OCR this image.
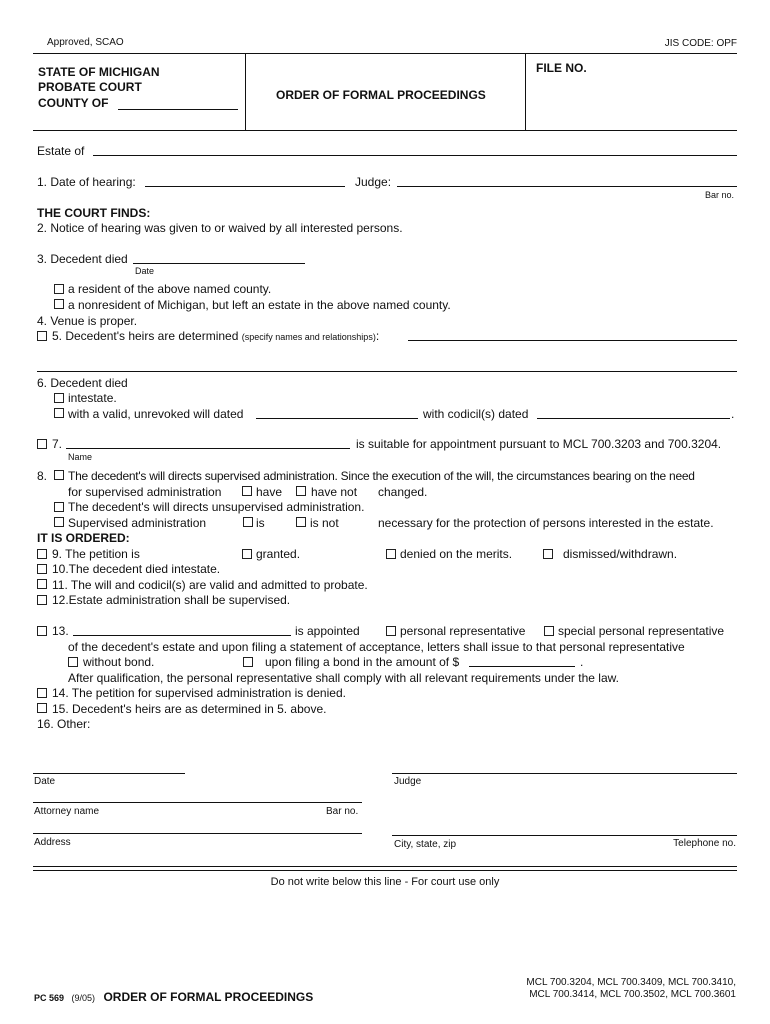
Approved, SCAO	JIS CODE: OPF
STATE OF MICHIGAN
PROBATE COURT
COUNTY OF
ORDER OF FORMAL PROCEEDINGS
FILE NO.
Estate of
1. Date of hearing:	Judge:
Bar no.
THE COURT FINDS:
2. Notice of hearing was given to or waived by all interested persons.
3. Decedent died
Date
a resident of the above named county.
a nonresident of Michigan, but left an estate in the above named county.
4. Venue is proper.
5. Decedent's heirs are determined (specify names and relationships):
6. Decedent died
intestate.
with a valid, unrevoked will dated	with codicil(s) dated	.
7.
Name
is suitable for appointment pursuant to MCL 700.3203 and 700.3204.
8. The decedent's will directs supervised administration. Since the execution of the will, the circumstances bearing on the need
for supervised administration	have have not changed.
The decedent's will directs unsupervised administration.
Supervised administration	is	is not	necessary for the protection of persons interested in the estate.
IT IS ORDERED:
9. The petition is	granted.	denied on the merits.	dismissed/withdrawn.
10.The decedent died intestate.
11. The will and codicil(s) are valid and admitted to probate.
12.Estate administration shall be supervised.
13.	is appointed	personal representative	special personal representative
of the decedent's estate and upon filing a statement of acceptance, letters shall issue to that personal representative
without bond.	upon filing a bond in the amount of $	.
After qualification, the personal representative shall comply with all relevant requirements under the law.
14. The petition for supervised administration is denied.
15. Decedent's heirs are as determined in 5. above.
16. Other:
Date	Judge
Attorney name	Bar no.
Address	City, state, zip	Telephone no.
Do not write below this line - For court use only
PC 569 (9/05) ORDER OF FORMAL PROCEEDINGS
MCL 700.3204, MCL 700.3409, MCL 700.3410,
MCL 700.3414, MCL 700.3502, MCL 700.3601
